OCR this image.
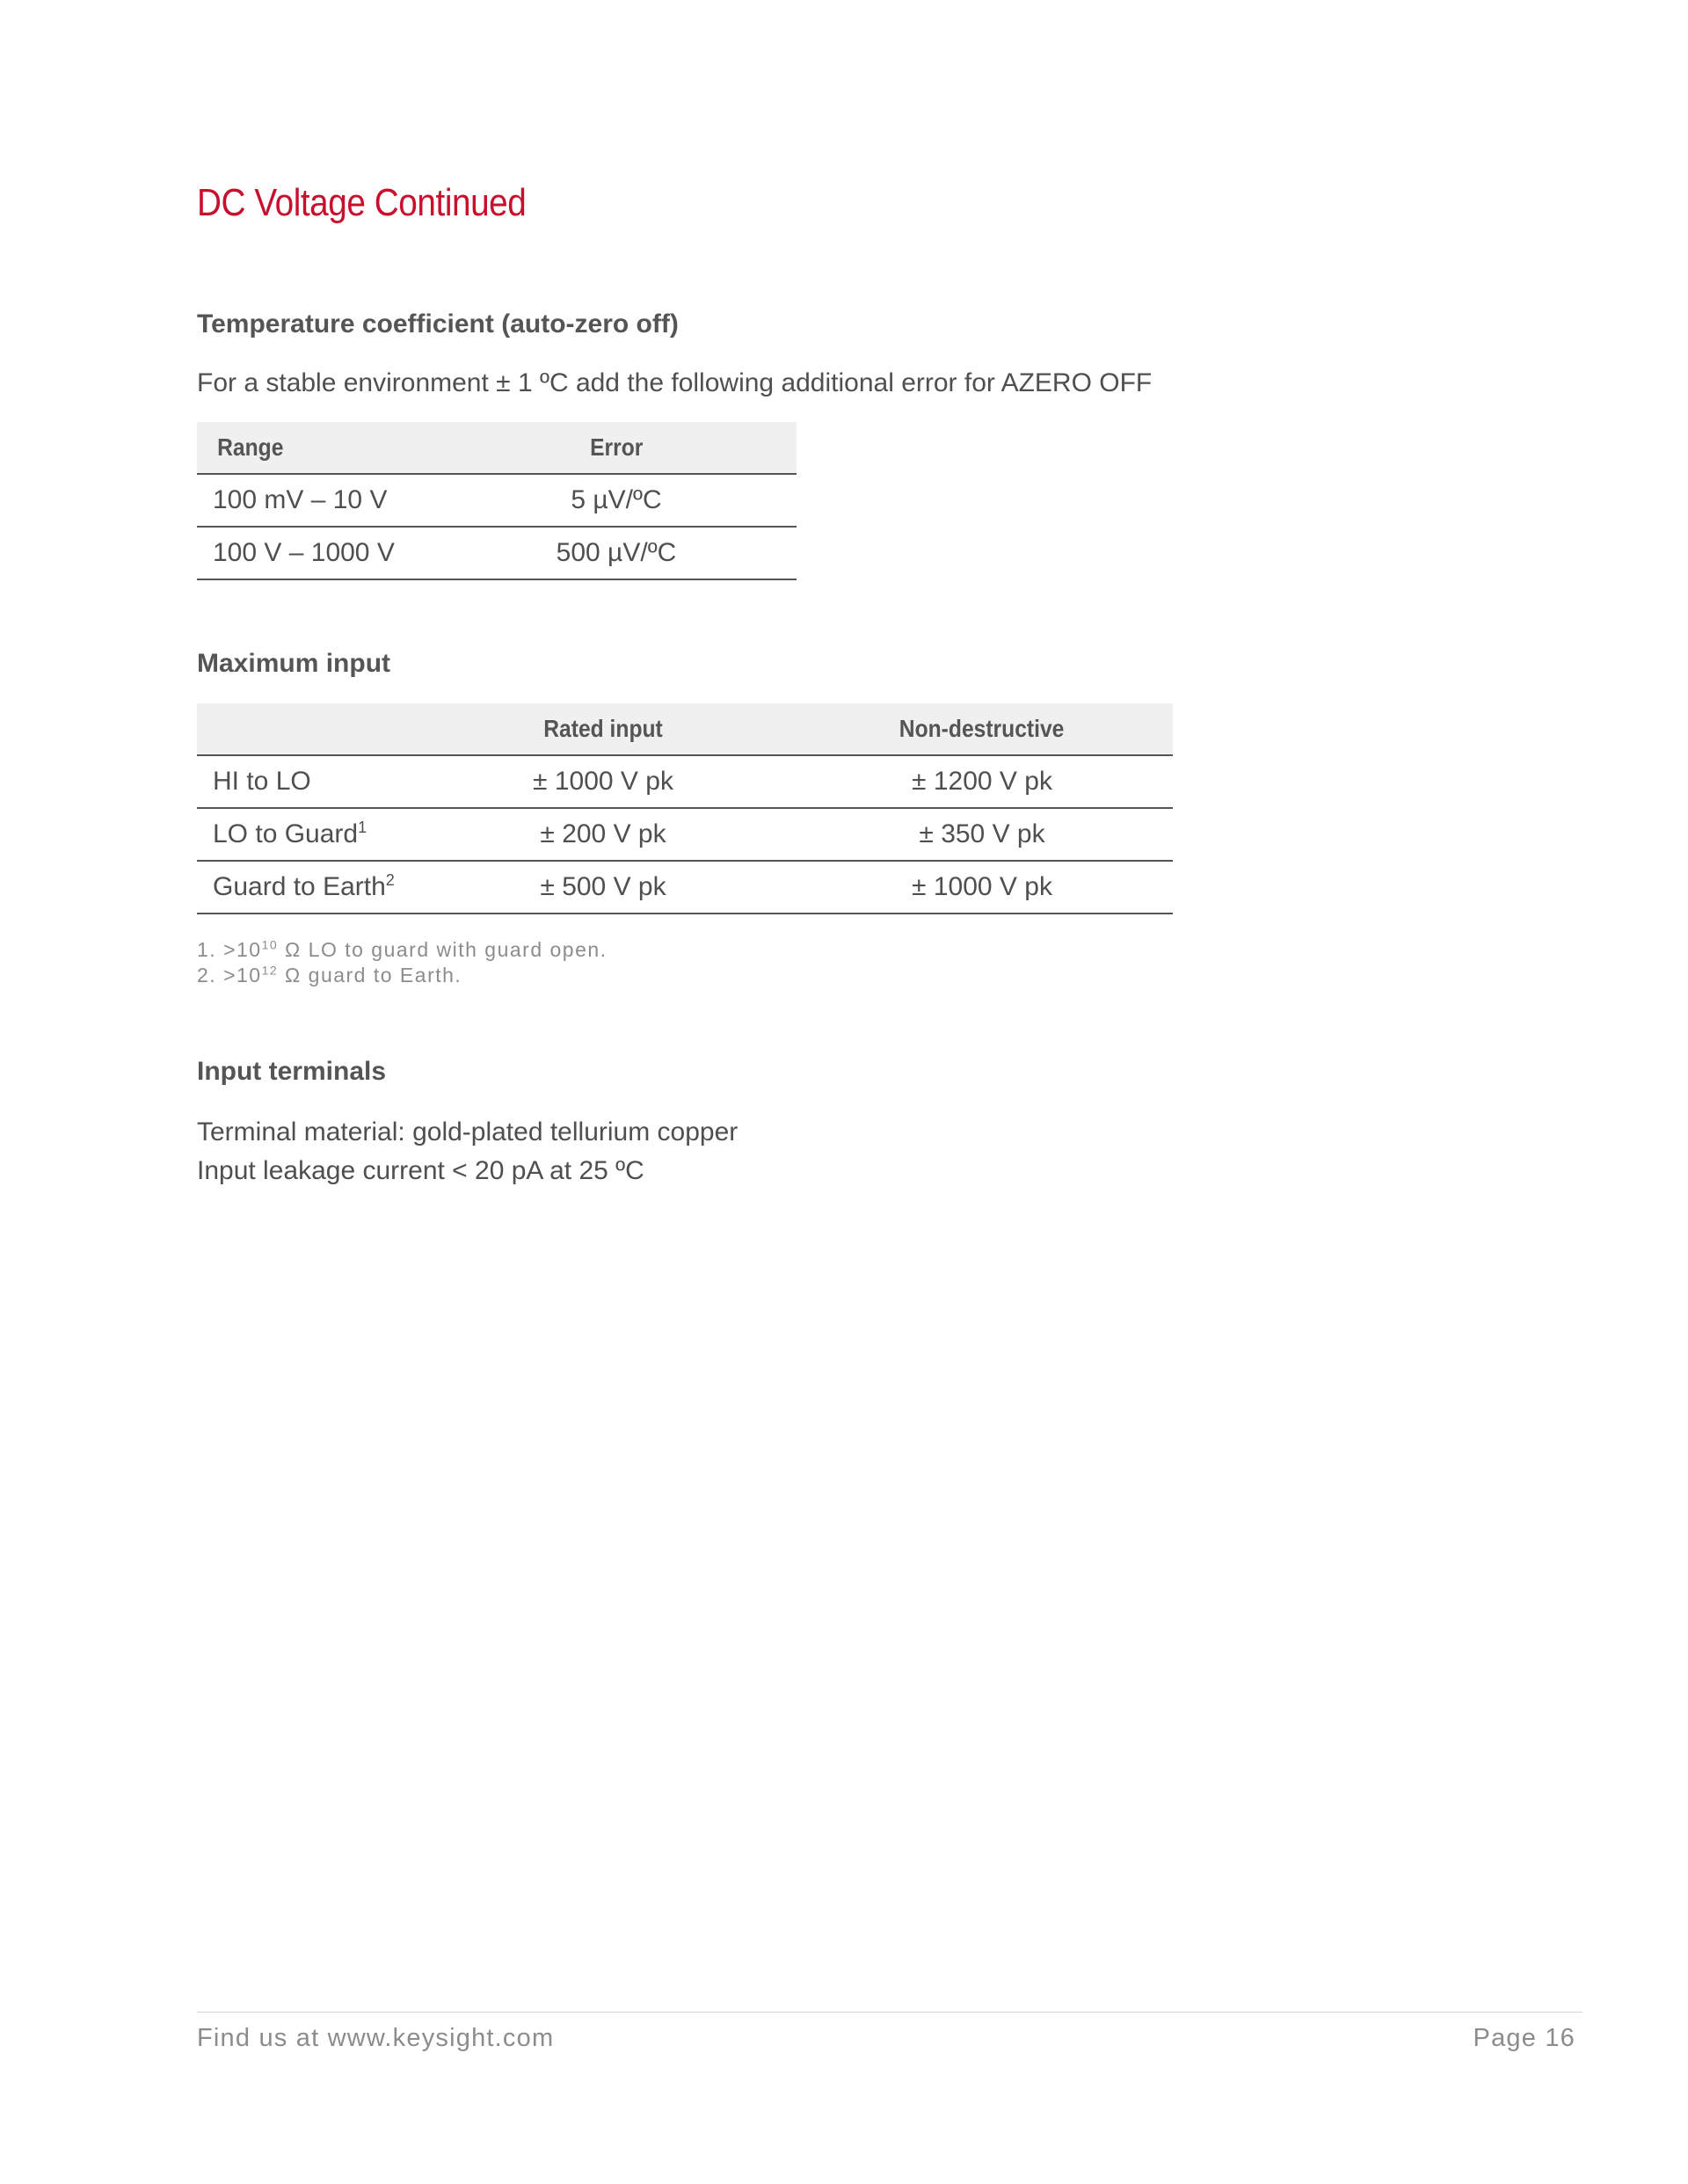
DC Voltage Continued
Temperature coefficient (auto-zero off)

For a stable environment ± 1 ºC add the following additional error for AZERO OFF

Range	Error
100 mV – 10 V	5 µV/ºC
100 V – 1000 V	500 µV/ºC
Maximum input
	Rated input	Non-destructive
HI to LO	± 1000 V pk	± 1200 V pk
LO to Guard$^1$	± 200 V pk	± 350 V pk
Guard to Earth$^2$	± 500 V pk	± 1000 V pk
1. $>10^{10}$ Ω LO to guard with guard open.
2. $>10^{12}$ Ω guard to Earth.
Input terminals
Terminal material: gold-plated tellurium copper
Input leakage current < 20 pA at 25 ºC
Find us at www.keysight.com	Page 16
